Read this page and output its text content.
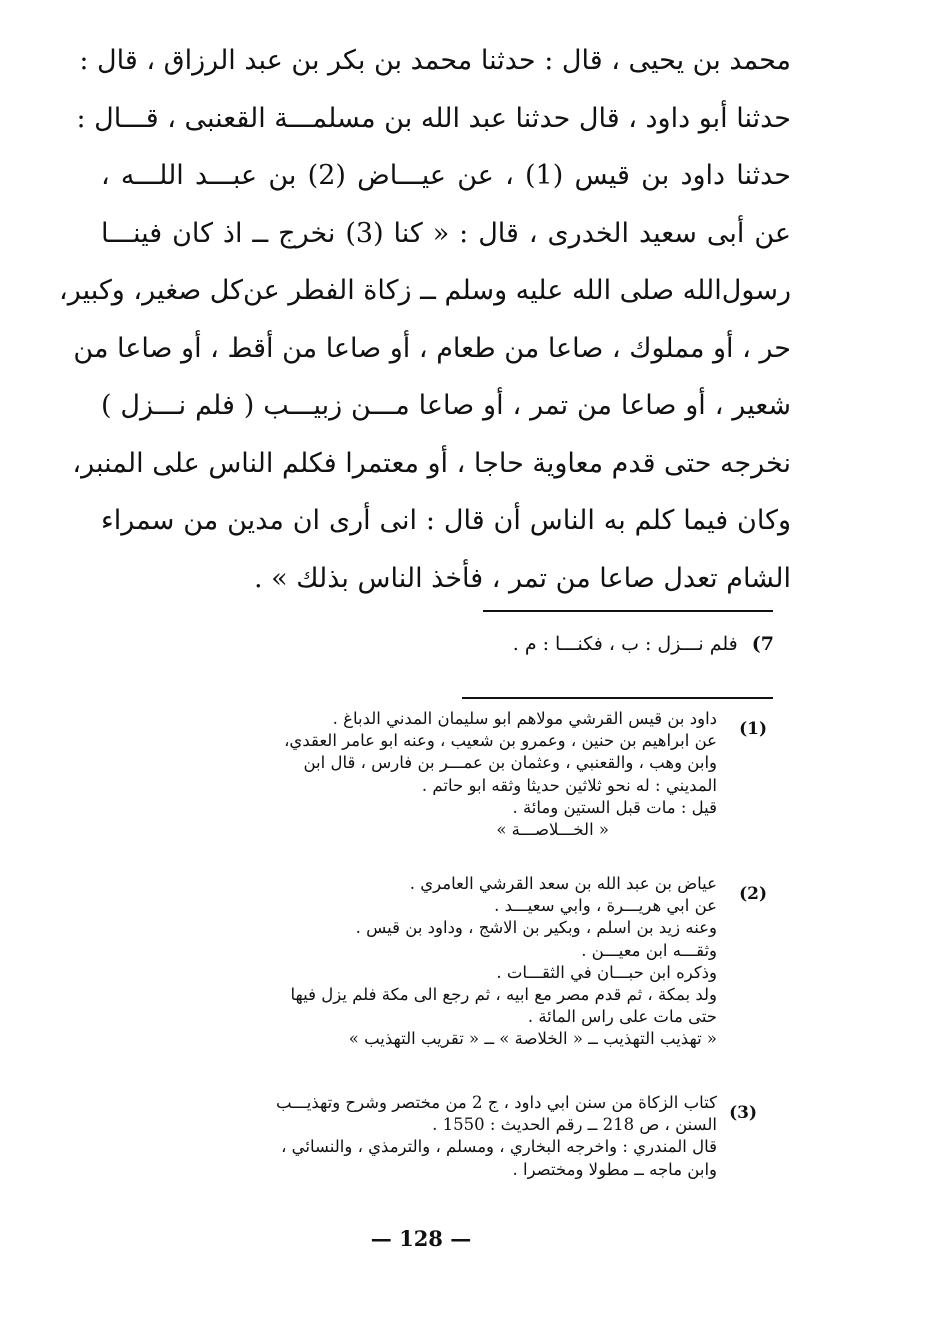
محمد بن يحيى ، قال : حدثنا محمد بن بكر بن عبد الرزاق ، قال :
حدثنا أبو داود ، قال حدثنا عبد الله بن مسلمـــة القعنبى ، قـــال :
حدثنا داود بن قيس (1) ، عن عيـــاض (2) بن عبـــد اللـــه ،
عن أبى سعيد الخدرى ، قال : « كنا (3) نخرج ــ اذ كان فينـــا
رسول‌الله صلى الله عليه وسلم ــ زكاة الفطر عن‌كل صغير، وكبير،
حر ، أو مملوك ، صاعا من طعام ، أو صاعا من أقط ، أو صاعا من
شعير ، أو صاعا من تمر ، أو صاعا مـــن زبيـــب ( فلم نـــزل )
نخرجه حتى قدم معاوية حاجا ، أو معتمرا فكلم الناس على المنبر،
وكان فيما كلم به الناس أن قال : انى أرى ان مدين من سمراء
الشام تعدل صاعا من تمر ، فأخذ الناس بذلك » .
7)فلم نـــزل : ب ، فكنـــا : م .
(1)
داود بن قيس القرشي مولاهم ابو سليمان المدني الدباغ .
عن ابراهيم بن حنين ، وعمرو بن شعيب ، وعنه ابو عامر العقدي،
وابن وهب ، والقعنبي ، وعثمان بن عمـــر بن فارس ، قال ابن
المديني : له نحو ثلاثين حديثا وثقه ابو حاتم .
قيل : مات قبل الستين ومائة .
« الخـــلاصـــة »
(2)
عياض بن عبد الله بن سعد القرشي العامري .
عن ابي هريـــرة ، وابي سعيـــد .
وعنه زيد بن اسلم ، وبكير بن الاشج ، وداود بن قيس .
وثقـــه ابن معيـــن .
وذكره ابن حبـــان في الثقـــات .
ولد بمكة ، ثم قدم مصر مع ابيه ، ثم رجع الى مكة فلم يزل فيها
حتى مات على راس المائة .
« تهذيب التهذيب ــ « الخلاصة » ــ « تقريب التهذيب »
(3)
كتاب الزكاة من سنن ابي داود ، ج 2 من مختصر وشرح وتهذيـــب
السنن ، ص 218 ــ رقم الحديث : 1550 .
قال المندري : واخرجه البخاري ، ومسلم ، والترمذي ، والنسائي ،
وابن ماجه ــ مطولا ومختصرا .
— 128 —
